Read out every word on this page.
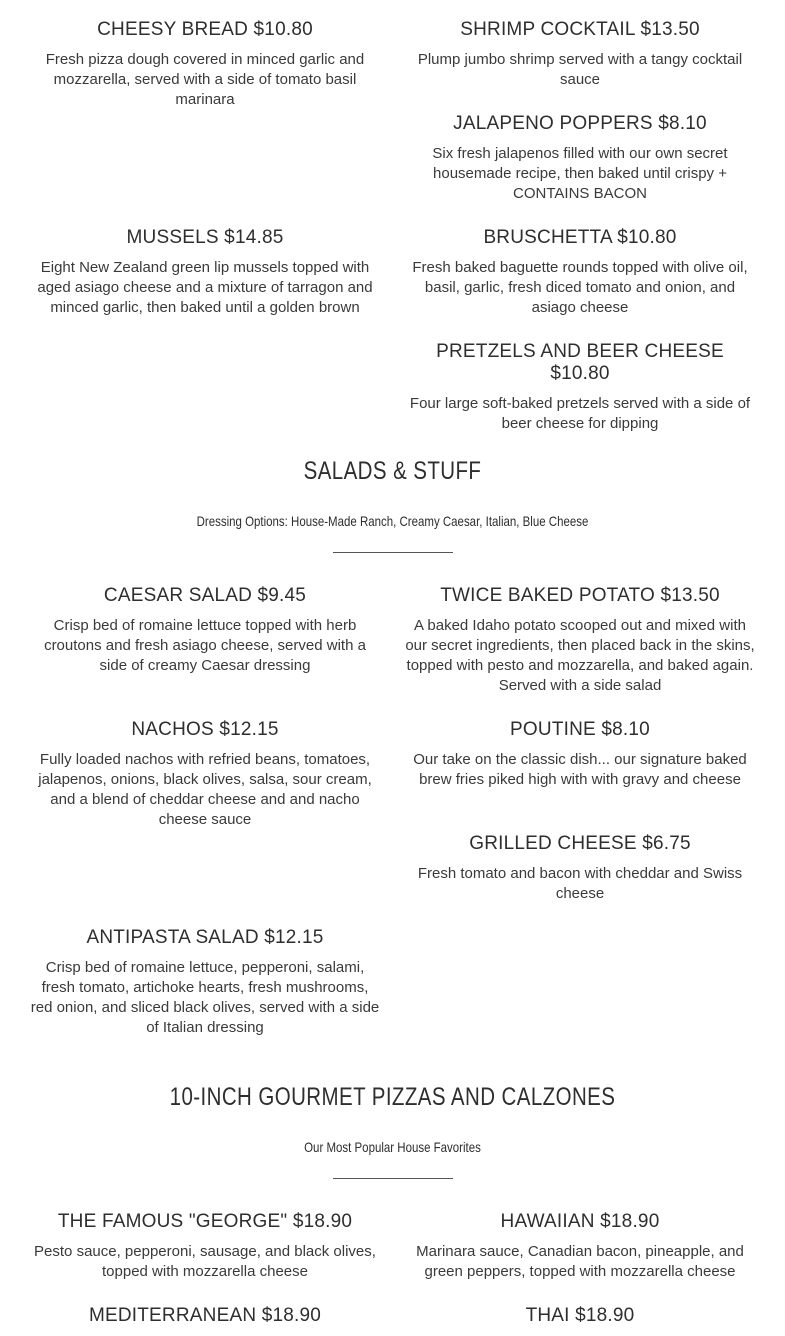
CHEESY BREAD $10.80

Fresh pizza dough covered in minced garlic and mozzarella, served with a side of tomato basil marinara

SHRIMP COCKTAIL $13.50

Plump jumbo shrimp served with a tangy cocktail sauce

JALAPENO POPPERS $8.10

Six fresh jalapenos filled with our own secret housemade recipe, then baked until crispy + CONTAINS BACON

MUSSELS $14.85

Eight New Zealand green lip mussels topped with aged asiago cheese and a mixture of tarragon and minced garlic, then baked until a golden brown

BRUSCHETTA $10.80

Fresh baked baguette rounds topped with olive oil, basil, garlic, fresh diced tomato and onion, and asiago cheese

PRETZELS AND BEER CHEESE $10.80

Four large soft-baked pretzels served with a side of beer cheese for dipping

SALADS & STUFF

Dressing Options: House-Made Ranch, Creamy Caesar, Italian, Blue Cheese

CAESAR SALAD $9.45

Crisp bed of romaine lettuce topped with herb croutons and fresh asiago cheese, served with a side of creamy Caesar dressing

TWICE BAKED POTATO $13.50

A baked Idaho potato scooped out and mixed with our secret ingredients, then placed back in the skins, topped with pesto and mozzarella, and baked again. Served with a side salad

NACHOS $12.15

Fully loaded nachos with refried beans, tomatoes, jalapenos, onions, black olives, salsa, sour cream, and a blend of cheddar cheese and and nacho cheese sauce

POUTINE $8.10

Our take on the classic dish... our signature baked brew fries piked high with with gravy and cheese

GRILLED CHEESE $6.75

Fresh tomato and bacon with cheddar and Swiss cheese

ANTIPASTA SALAD $12.15

Crisp bed of romaine lettuce, pepperoni, salami, fresh tomato, artichoke hearts, fresh mushrooms, red onion, and sliced black olives, served with a side of Italian dressing

10-INCH GOURMET PIZZAS AND CALZONES

Our Most Popular House Favorites

THE FAMOUS "GEORGE" $18.90

Pesto sauce, pepperoni, sausage, and black olives, topped with mozzarella cheese

HAWAIIAN $18.90

Marinara sauce, Canadian bacon, pineapple, and green peppers, topped with mozzarella cheese

MEDITERRANEAN $18.90	THAI $18.90
